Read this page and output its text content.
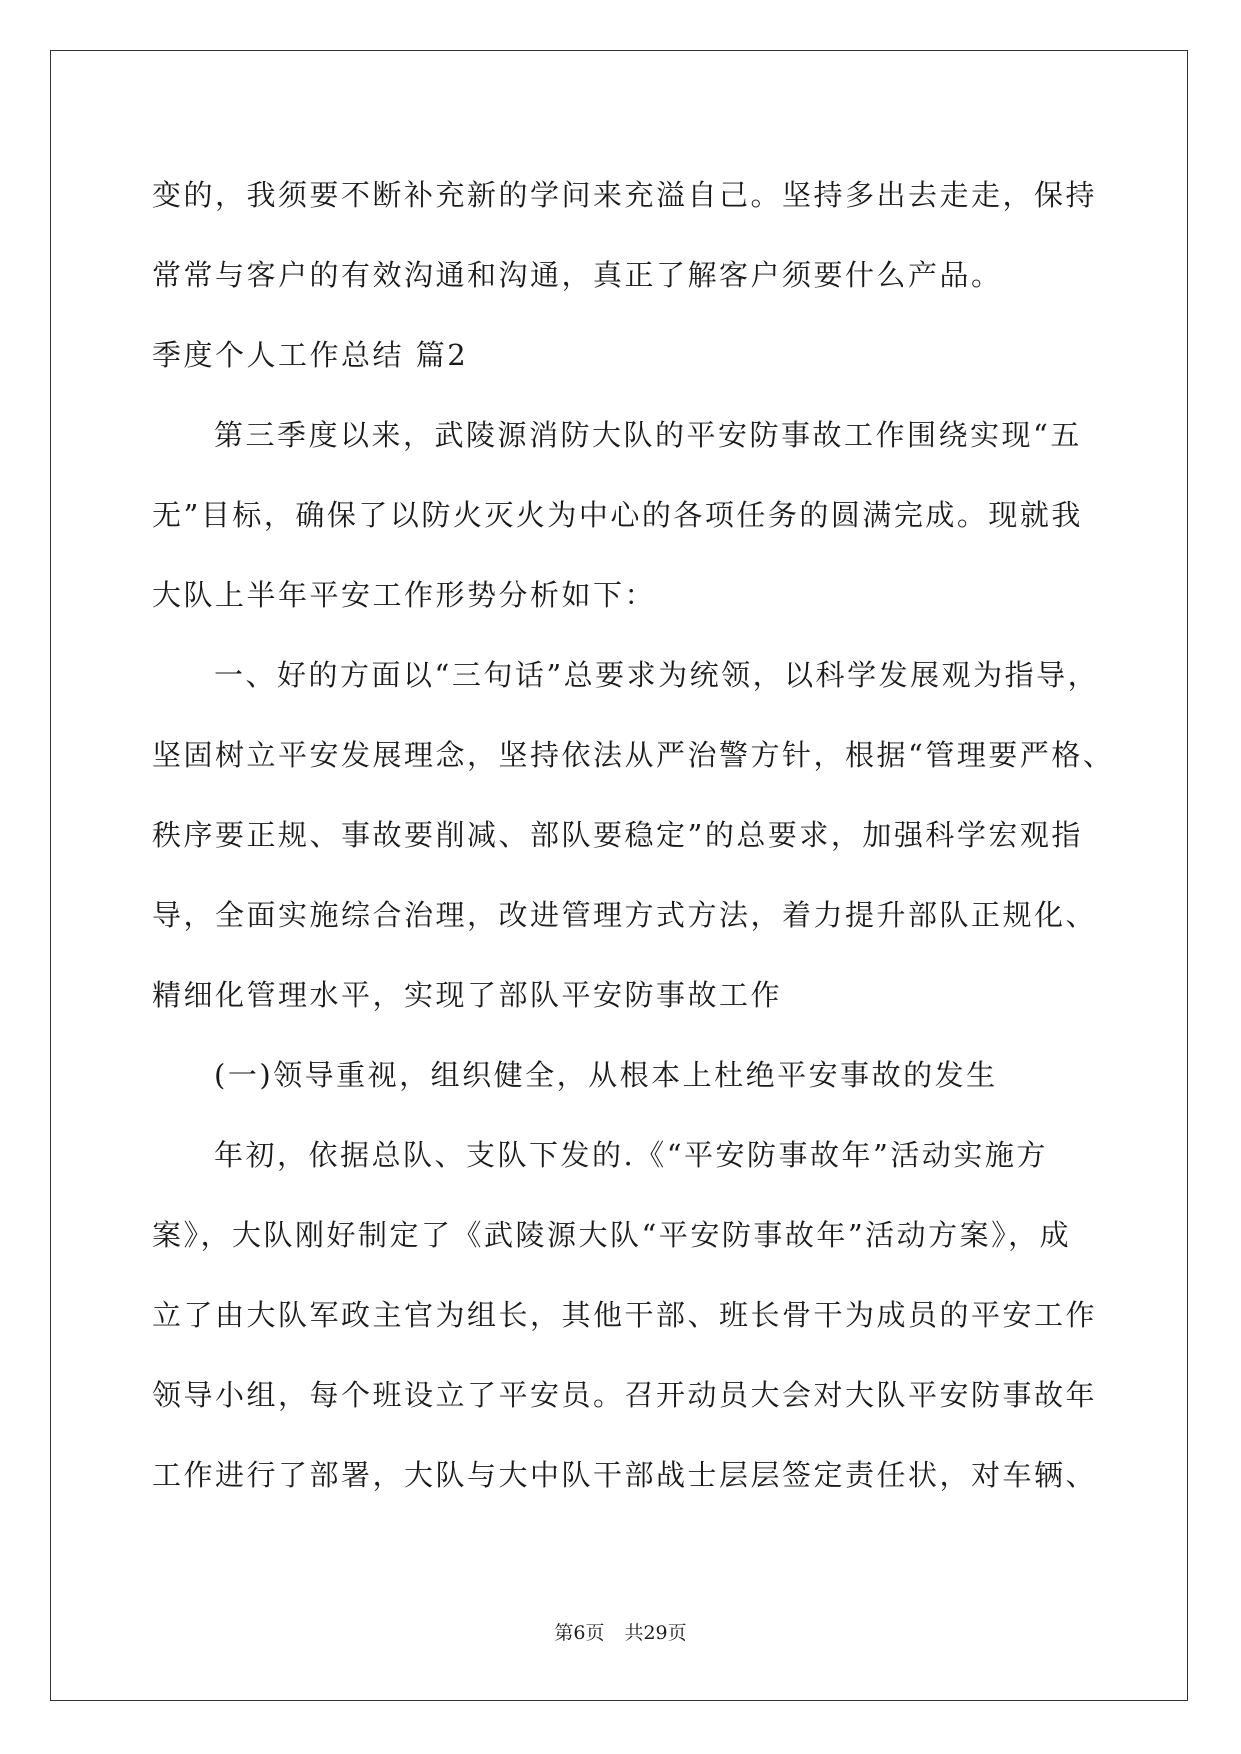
变的，我须要不断补充新的学问来充溢自己。坚持多出去走走，保持
常常与客户的有效沟通和沟通，真正了解客户须要什么产品。
季度个人工作总结 篇2
第三季度以来，武陵源消防大队的平安防事故工作围绕实现“五
无”目标，确保了以防火灭火为中心的各项任务的圆满完成。现就我
大队上半年平安工作形势分析如下：
一、好的方面以“三句话”总要求为统领，以科学发展观为指导，
坚固树立平安发展理念，坚持依法从严治警方针，根据“管理要严格、
秩序要正规、事故要削减、部队要稳定”的总要求，加强科学宏观指
导，全面实施综合治理，改进管理方式方法，着力提升部队正规化、
精细化管理水平，实现了部队平安防事故工作
(一)领导重视，组织健全，从根本上杜绝平安事故的发生
年初，依据总队、支队下发的.《“平安防事故年”活动实施方
案》，大队刚好制定了《武陵源大队“平安防事故年”活动方案》，成
立了由大队军政主官为组长，其他干部、班长骨干为成员的平安工作
领导小组，每个班设立了平安员。召开动员大会对大队平安防事故年
工作进行了部署，大队与大中队干部战士层层签定责任状，对车辆、
第6页 共29页
